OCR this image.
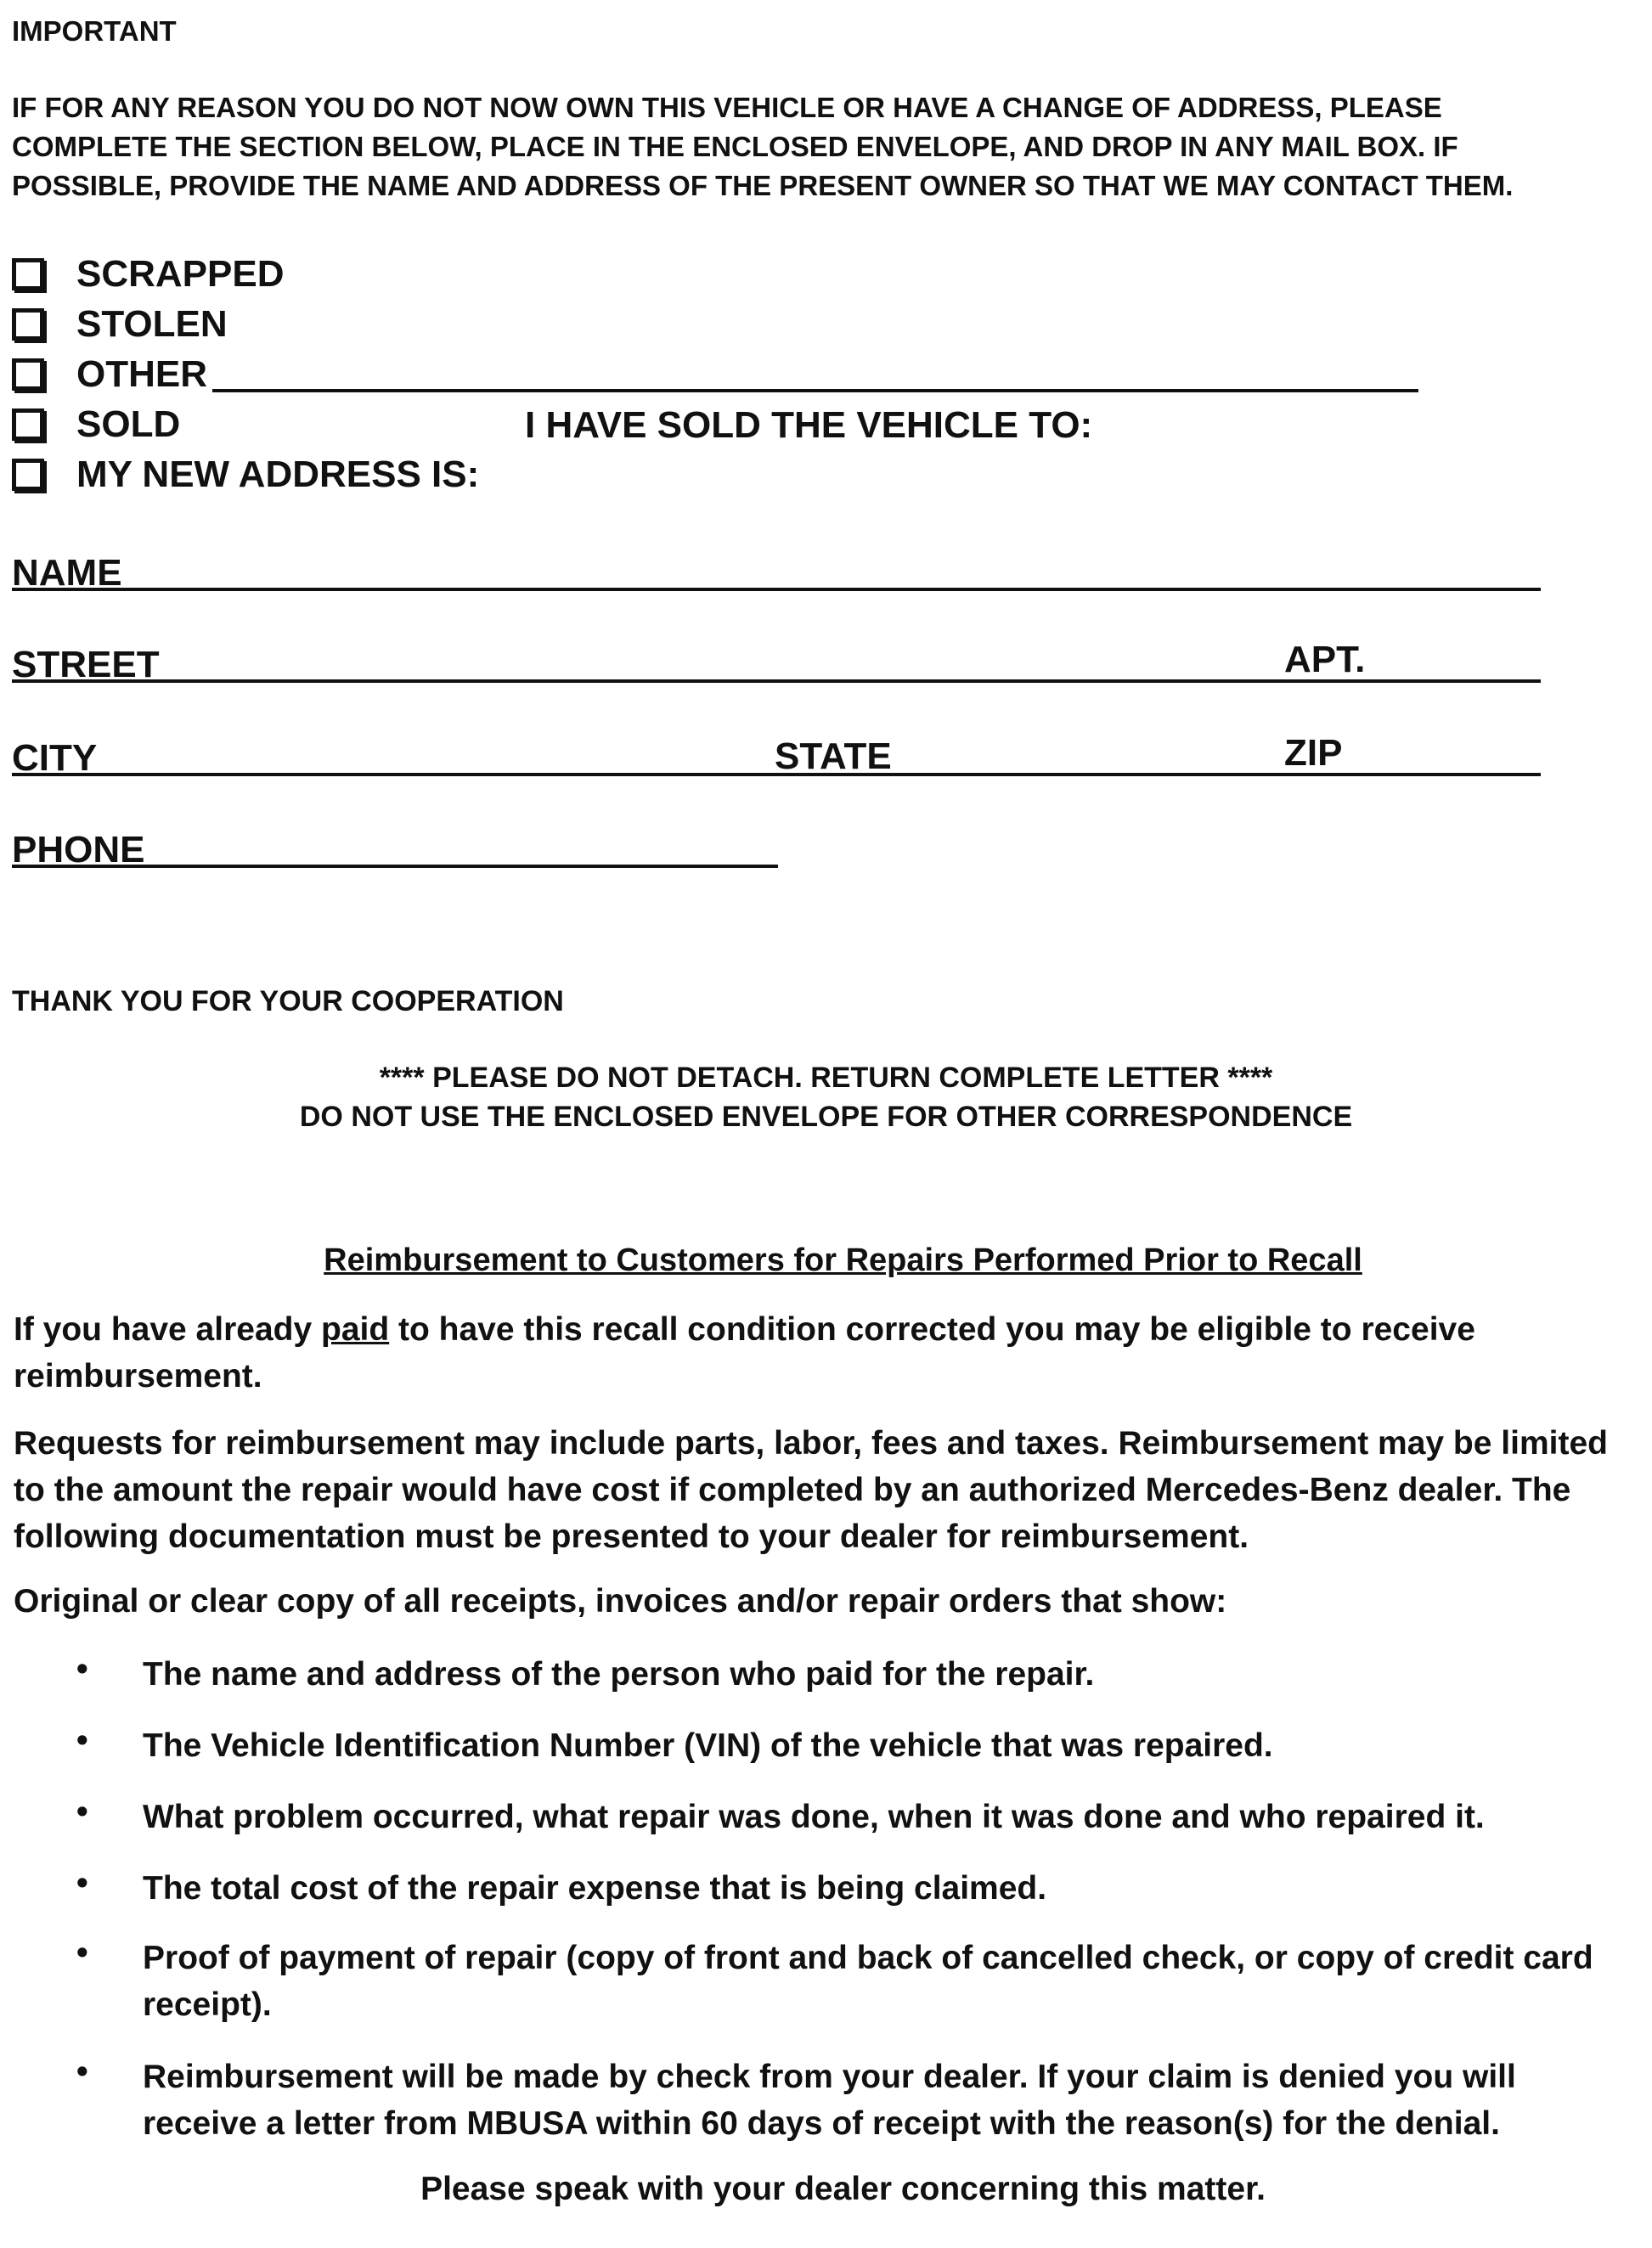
IMPORTANT
IF FOR ANY REASON YOU DO NOT NOW OWN THIS VEHICLE OR HAVE A CHANGE OF ADDRESS, PLEASE
COMPLETE THE SECTION BELOW, PLACE IN THE ENCLOSED ENVELOPE, AND DROP IN ANY MAIL BOX. IF
POSSIBLE, PROVIDE THE NAME AND ADDRESS OF THE PRESENT OWNER SO THAT WE MAY CONTACT THEM.
SCRAPPED
STOLEN
OTHER
SOLD	I HAVE SOLD THE VEHICLE TO:
MY NEW ADDRESS IS:
NAME
STREET	APT.
CITY	STATE	ZIP
PHONE
THANK YOU FOR YOUR COOPERATION
**** PLEASE DO NOT DETACH. RETURN COMPLETE LETTER ****
DO NOT USE THE ENCLOSED ENVELOPE FOR OTHER CORRESPONDENCE
Reimbursement to Customers for Repairs Performed Prior to Recall
If you have already paid to have this recall condition corrected you may be eligible to receive reimbursement.
Requests for reimbursement may include parts, labor, fees and taxes. Reimbursement may be limited to the amount the repair would have cost if completed by an authorized Mercedes-Benz dealer. The following documentation must be presented to your dealer for reimbursement.
Original or clear copy of all receipts, invoices and/or repair orders that show:
• The name and address of the person who paid for the repair.
• The Vehicle Identification Number (VIN) of the vehicle that was repaired.
• What problem occurred, what repair was done, when it was done and who repaired it.
• The total cost of the repair expense that is being claimed.
• Proof of payment of repair (copy of front and back of cancelled check, or copy of credit card receipt).
• Reimbursement will be made by check from your dealer. If your claim is denied you will receive a letter from MBUSA within 60 days of receipt with the reason(s) for the denial.
Please speak with your dealer concerning this matter.
